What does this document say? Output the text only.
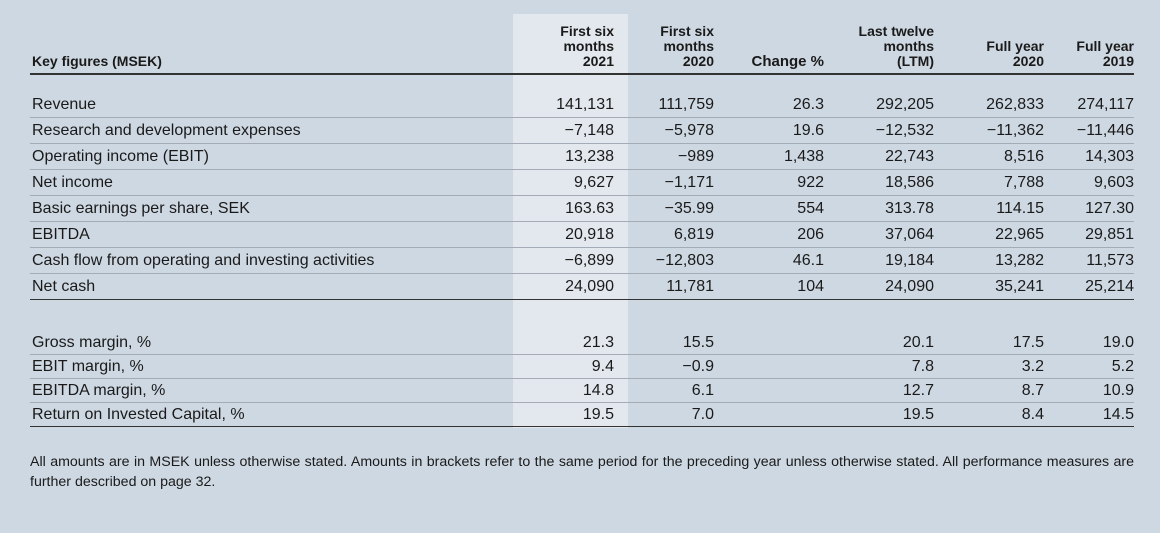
Key figures (MSEK)	First six
months
2021	First six
months
2020	Change %	Last twelve
months
(LTM)	Full year
2020	Full year
2019

Revenue	141,131	111,759	26.3	292,205	262,833	274,117
Research and development expenses	−7,148	−5,978	19.6	−12,532	−11,362	−11,446
Operating income (EBIT)	13,238	−989	1,438	22,743	8,516	14,303
Net income	9,627	−1,171	922	18,586	7,788	9,603
Basic earnings per share, SEK	163.63	−35.99	554	313.78	114.15	127.30
EBITDA	20,918	6,819	206	37,064	22,965	29,851
Cash flow from operating and investing activities	−6,899	−12,803	46.1	19,184	13,282	11,573
Net cash	24,090	11,781	104	24,090	35,241	25,214

Gross margin, %	21.3	15.5		20.1	17.5	19.0
EBIT margin, %	9.4	−0.9		7.8	3.2	5.2
EBITDA margin, %	14.8	6.1		12.7	8.7	10.9
Return on Invested Capital, %	19.5	7.0		19.5	8.4	14.5

All amounts are in MSEK unless otherwise stated. Amounts in brackets refer to the same period for the preceding year unless otherwise stated. All performance measures are further described on page 32.
